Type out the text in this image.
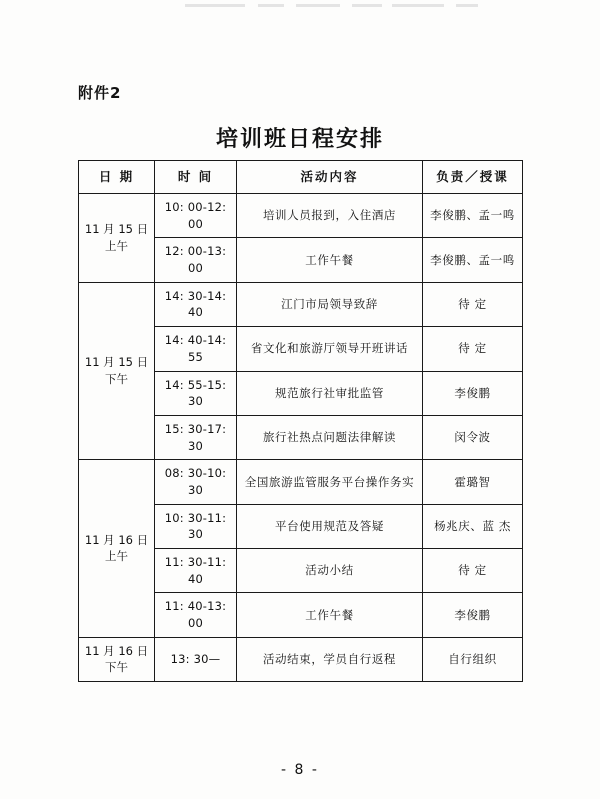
附件2
培训班日程安排
日 期	时 间	活动内容	负责／授课
11 月 15 日
上午	10: 00-12: 00	培训人员报到，入住酒店	李俊鹏、孟一鸣
	12: 00-13: 00	工作午餐	李俊鹏、孟一鸣
11 月 15 日
下午	14: 30-14: 40	江门市局领导致辞	待 定
	14: 40-14: 55	省文化和旅游厅领导开班讲话	待 定
	14: 55-15: 30	规范旅行社审批监管	李俊鹏
	15: 30-17: 30	旅行社热点问题法律解读	闵令波
11 月 16 日
上午	08: 30-10: 30	全国旅游监管服务平台操作务实	霍璐智
	10: 30-11: 30	平台使用规范及答疑	杨兆庆、蓝 杰
	11: 30-11: 40	活动小结	待 定
	11: 40-13: 00	工作午餐	李俊鹏
11 月 16 日
下午	13: 30—	活动结束，学员自行返程	自行组织
- 8 -
